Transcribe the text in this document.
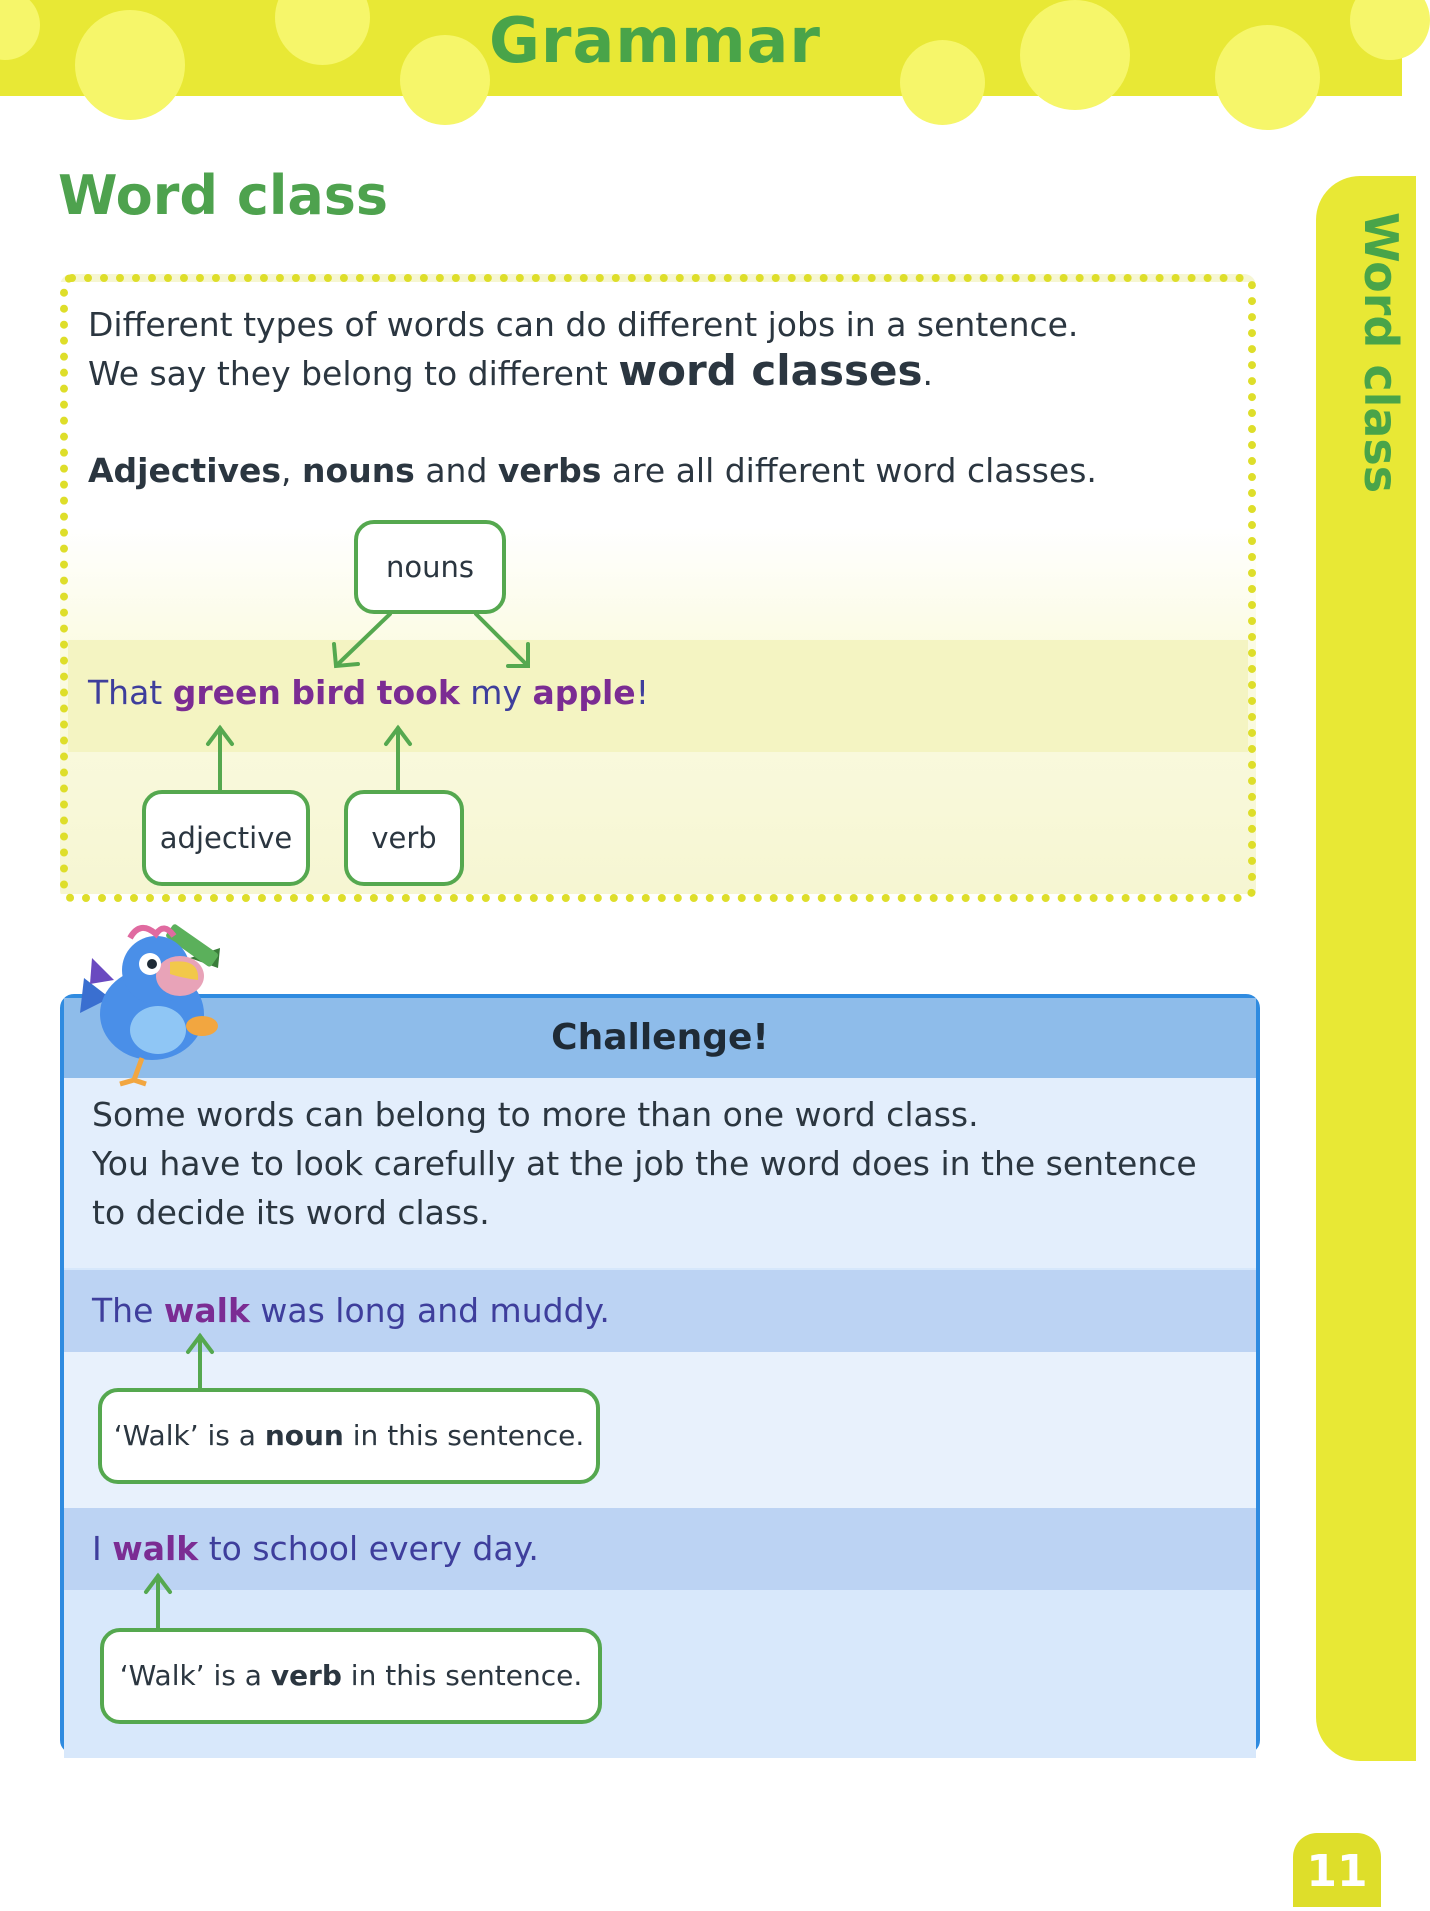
Grammar
Word class
Word class
Different types of words can do different jobs in a sentence.
We say they belong to different word classes.
Adjectives, nouns and verbs are all different word classes.
That green bird took my apple!
nouns
adjective	verb
Challenge!
Some words can belong to more than one word class.
You have to look carefully at the job the word does in the sentence
to decide its word class.
The walk was long and muddy.
‘Walk’ is a noun in this sentence.
I walk to school every day.
‘Walk’ is a verb in this sentence.
11
